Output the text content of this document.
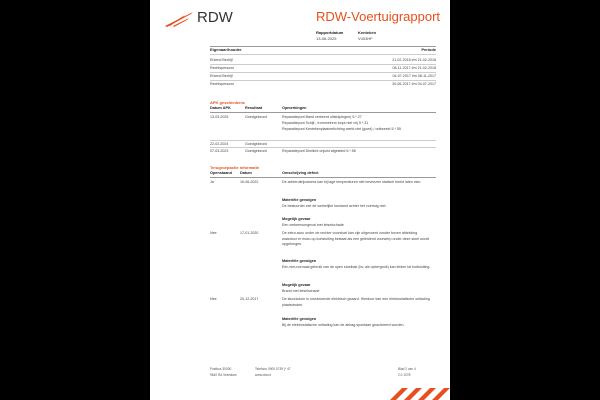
RDW	RDW-Voertuigrapport
Rapportdatum
13-06-2025
Kenteken
V403HF
Eigenaar/houder	Periode
Erkend Bedrijf	21-02-2018 t/m 21-02-2018
Rechtspersoon	08-11-2017 t/m 21-02-2018
Erkend Bedrijf	04-07-2017 t/m 08-11-2017
Rechtspersoon	30-06-2017 t/m 04-07-2017
APK geschiedenis
Datum APK	Resultaat	Opmerkingen
13-03-2025	Goedgekeurd	Reparatiepunt Band verkeerd uitstulpingen) 5.*.27
Reparatiepunt Schijf-, trommelrem loopt niet vrij 5.*.31
Reparatiepunt Kentekenplaatverlichting werkt niet (goed) / ontbreekt 5.*.55
22-02-2024	Goedgekeurd
07-03-2023	Goedgekeurd	Reparatiepunt Dimlicht onjuist afgesteld 5.*.58
Terugroepactie informatie
Openstaand Datum	Omschrijving defect
Ja	16-06-2022	De achteruitrijcamera kan bij lage temperaturen niet bevriezen statisch beeld laten zien.
Materiële gevolgen
De bestuurder ziet de werkelijke toestand achter het voertuig niet.
Mogelijk gevaar
Een verkeersongeval met letselschade
Nee	17-01-2020	De extra accu onder de rechter voorstoel kan zijn uitgevoerd zonder boven afdekking waardoor er risico op kortsluiting bestaat als een geleidend voorwerp onder deze stoel wordt opgeborgen.
Materiële gevolgen
Een niet-normaal gebruik van de open stoelbak (bv. als opbergruik) kan leiden tot kortsluiting.
Mogelijk gevaar
Brand met letselschade
Nee	20-12-2017	De stuurkolom is onvoldoende elektrisch geaard. Hierdoor kan een elektrostatische ontlading plaatsvinden.
Materiële gevolgen
Bij de elektrostatische ontlading kan de airbag spontaan geactiveerd worden.
Postbus 30000
9640 RA Veendam
Telefoon 0900 0739 (* 47
www.rdw.nl
Blad 2 van 4
2.0 1078
